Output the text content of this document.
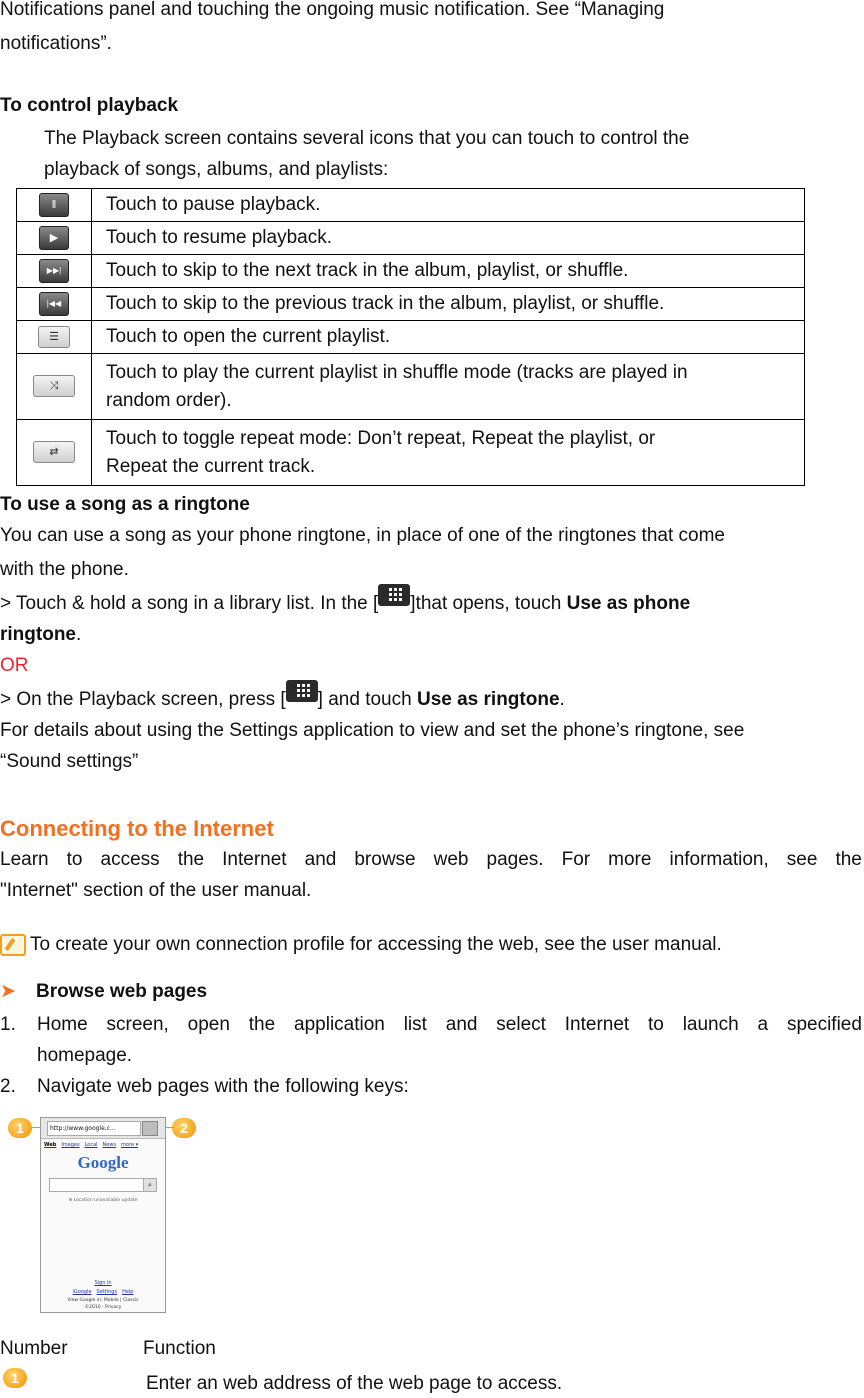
Notifications panel and touching the ongoing music notification. See “Managing
notifications”.
To control playback
The Playback screen contains several icons that you can touch to control the
playback of songs, albums, and playlists:
‖	Touch to pause playback.
▶	Touch to resume playback.
▶▶|	Touch to skip to the next track in the album, playlist, or shuffle.
|◀◀	Touch to skip to the previous track in the album, playlist, or shuffle.
☰	Touch to open the current playlist.
⤨	Touch to play the current playlist in shuffle mode (tracks are played in
random order).

⇄	Touch to toggle repeat mode: Don’t repeat, Repeat the playlist, or
Repeat the current track.
To use a song as a ringtone
You can use a song as your phone ringtone, in place of one of the ringtones that come
with the phone.
> Touch & hold a song in a library list. In the [ ]that opens, touch Use as phone
ringtone.
OR
> On the Playback screen, press [ ] and touch Use as ringtone.
For details about using the Settings application to view and set the phone’s ringtone, see
“Sound settings”
Connecting to the Internet
Learn to access the Internet and browse web pages. For more information, see the
"Internet" section of the user manual.
To create your own connection profile for accessing the web, see the user manual.
➤ Browse web pages
1.	Home screen, open the application list and select Internet to launch a specified
homepage.
2. Navigate web pages with the following keys:
1	2
http://www.google.c...
Web Images Local News more ▾
Google
⌕
⊕ Location unavailable update
Sign in
iGoogle Settings Help
View Google in: Mobile | Classic
©2010 - Privacy
Number	Function
1	Enter an web address of the web page to access.
